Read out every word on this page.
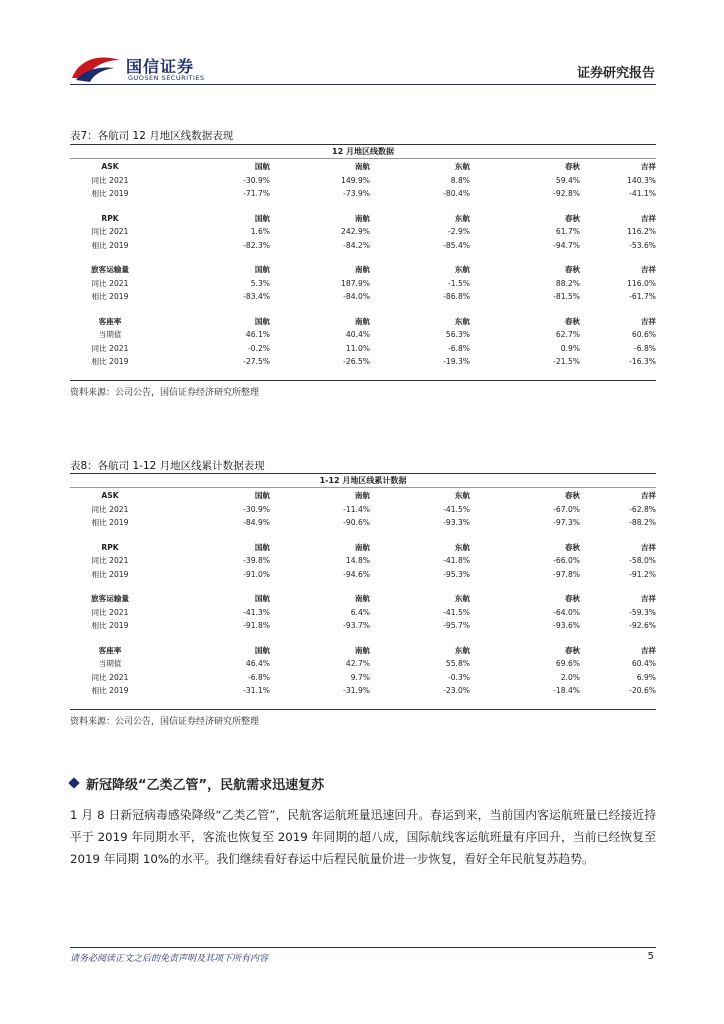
国信证券
GUOSEN SECURITIES	证券研究报告
表7：各航司 12 月地区线数据表现
12 月地区线数据
ASK	国航	南航	东航	春秋	吉祥
同比 2021	-30.9%	149.9%	8.8%	59.4%	140.3%
相比 2019	-71.7%	-73.9%	-80.4%	-92.8%	-41.1%

RPK	国航	南航	东航	春秋	吉祥
同比 2021	1.6%	242.9%	-2.9%	61.7%	116.2%
相比 2019	-82.3%	-84.2%	-85.4%	-94.7%	-53.6%

旅客运输量	国航	南航	东航	春秋	吉祥
同比 2021	5.3%	187.9%	-1.5%	88.2%	116.0%
相比 2019	-83.4%	-84.0%	-86.8%	-81.5%	-61.7%

客座率	国航	南航	东航	春秋	吉祥
当期值	46.1%	40.4%	56.3%	62.7%	60.6%
同比 2021	-0.2%	11.0%	-6.8%	0.9%	-6.8%
相比 2019	-27.5%	-26.5%	-19.3%	-21.5%	-16.3%
资料来源：公司公告，国信证券经济研究所整理
表8：各航司 1-12 月地区线累计数据表现
1-12 月地区线累计数据
ASK	国航	南航	东航	春秋	吉祥
同比 2021	-30.9%	-11.4%	-41.5%	-67.0%	-62.8%
相比 2019	-84.9%	-90.6%	-93.3%	-97.3%	-88.2%

RPK	国航	南航	东航	春秋	吉祥
同比 2021	-39.8%	14.8%	-41.8%	-66.0%	-58.0%
相比 2019	-91.0%	-94.6%	-95.3%	-97.8%	-91.2%

旅客运输量	国航	南航	东航	春秋	吉祥
同比 2021	-41.3%	6.4%	-41.5%	-64.0%	-59.3%
相比 2019	-91.8%	-93.7%	-95.7%	-93.6%	-92.6%

客座率	国航	南航	东航	春秋	吉祥
当期值	46.4%	42.7%	55.8%	69.6%	60.4%
同比 2021	-6.8%	9.7%	-0.3%	2.0%	6.9%
相比 2019	-31.1%	-31.9%	-23.0%	-18.4%	-20.6%
资料来源：公司公告，国信证券经济研究所整理
新冠降级“乙类乙管”，民航需求迅速复苏
1 月 8 日新冠病毒感染降级“乙类乙管”，民航客运航班量迅速回升。春运到来，当前国内客运航班量已经接近持平于 2019 年同期水平，客流也恢复至 2019 年同期的超八成，国际航线客运航班量有序回升，当前已经恢复至 2019 年同期 10%的水平。我们继续看好春运中后程民航量价进一步恢复，看好全年民航复苏趋势。
请务必阅读正文之后的免责声明及其项下所有内容	5
